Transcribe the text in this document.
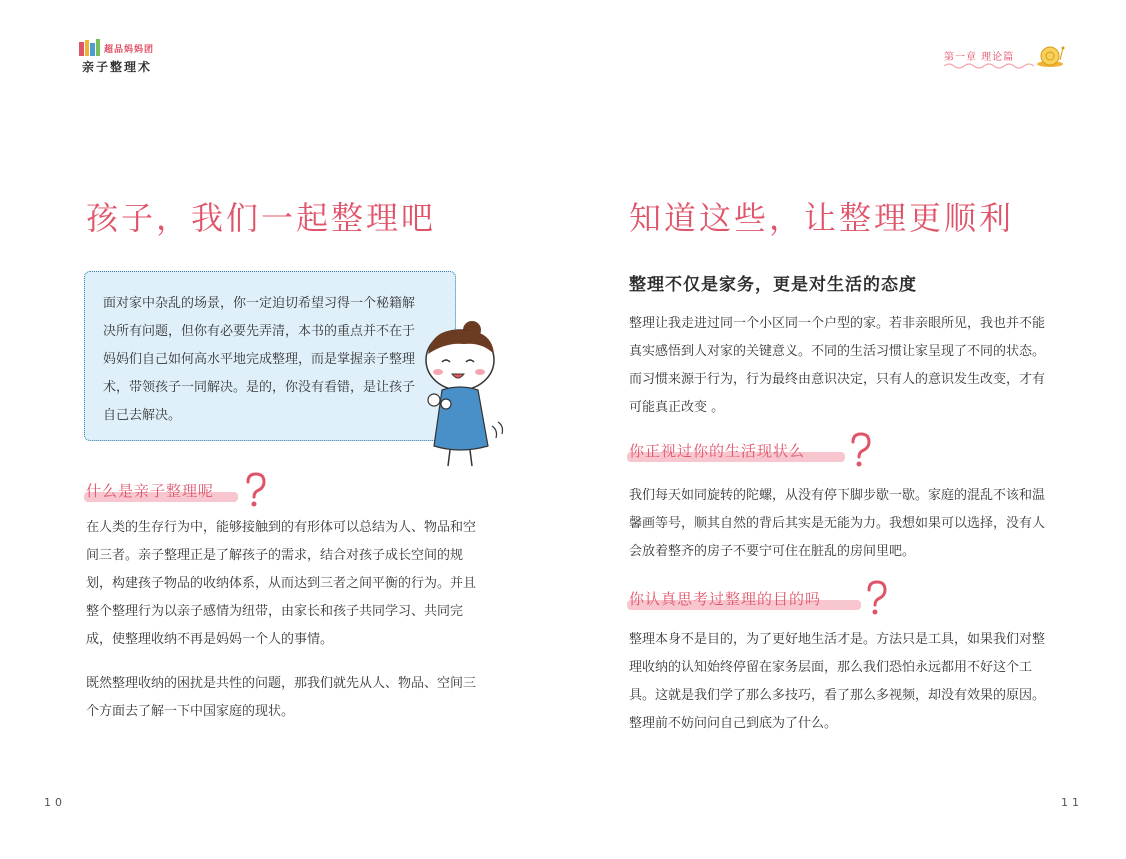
超品妈妈团
亲子整理术
孩子，我们一起整理吧
面对家中杂乱的场景，你一定迫切希望习得一个秘籍解决所有问题，但你有必要先弄清，本书的重点并不在于妈妈们自己如何高水平地完成整理，而是掌握亲子整理术，带领孩子一同解决。是的，你没有看错，是让孩子自己去解决。
什么是亲子整理呢
在人类的生存行为中，能够接触到的有形体可以总结为人、物品和空间三者。亲子整理正是了解孩子的需求，结合对孩子成长空间的规划，构建孩子物品的收纳体系，从而达到三者之间平衡的行为。并且整个整理行为以亲子感情为纽带，由家长和孩子共同学习、共同完成，使整理收纳不再是妈妈一个人的事情。
既然整理收纳的困扰是共性的问题，那我们就先从人、物品、空间三个方面去了解一下中国家庭的现状。
10
第一章 理论篇
知道这些，让整理更顺利
整理不仅是家务，更是对生活的态度
整理让我走进过同一个小区同一个户型的家。若非亲眼所见，我也并不能真实感悟到人对家的关键意义。不同的生活习惯让家呈现了不同的状态。而习惯来源于行为，行为最终由意识决定，只有人的意识发生改变，才有可能真正改变 。
你正视过你的生活现状么
我们每天如同旋转的陀螺，从没有停下脚步歇一歇。家庭的混乱不该和温馨画等号，顺其自然的背后其实是无能为力。我想如果可以选择，没有人会放着整齐的房子不要宁可住在脏乱的房间里吧。
你认真思考过整理的目的吗
整理本身不是目的，为了更好地生活才是。方法只是工具，如果我们对整理收纳的认知始终停留在家务层面，那么我们恐怕永远都用不好这个工具。这就是我们学了那么多技巧，看了那么多视频，却没有效果的原因。整理前不妨问问自己到底为了什么。
11
